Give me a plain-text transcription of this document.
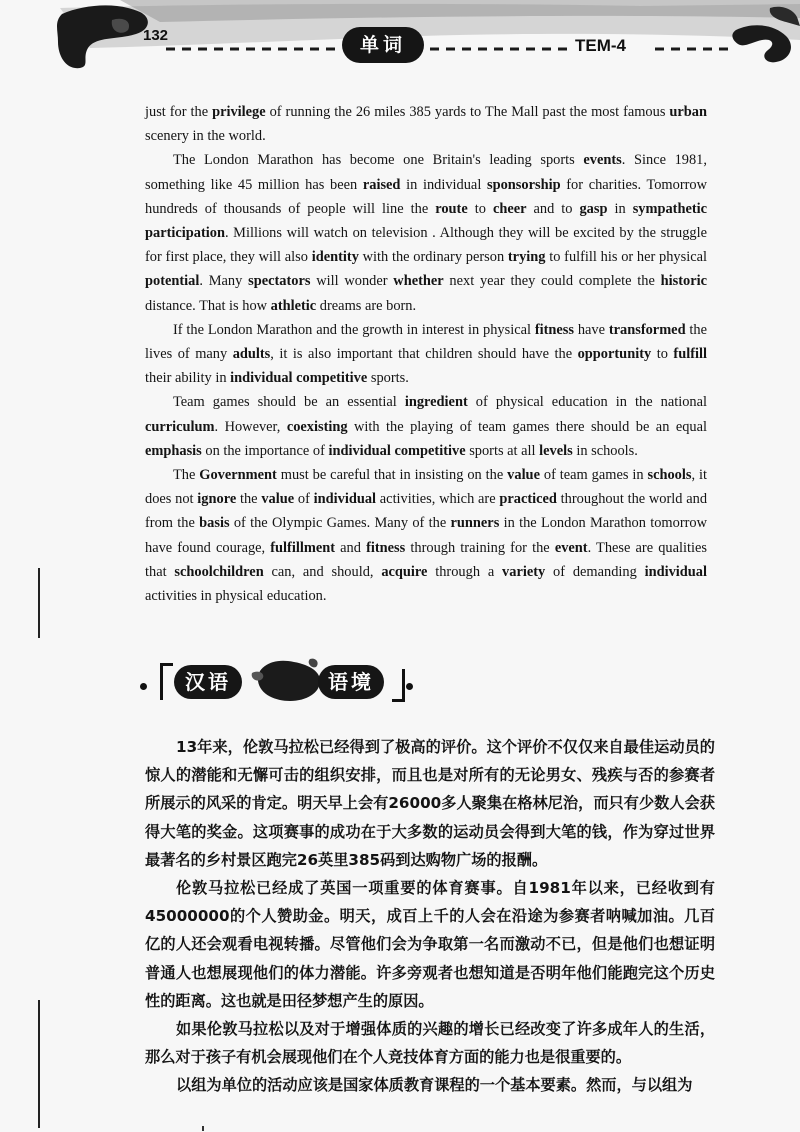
132	单词	TEM-4

just for the privilege of running the 26 miles 385 yards to The Mall past the most famous urban scenery in the world.

The London Marathon has become one Britain's leading sports events. Since 1981, something like 45 million has been raised in individual sponsorship for charities. Tomorrow hundreds of thousands of people will line the route to cheer and to gasp in sympathetic participation. Millions will watch on television . Although they will be excited by the struggle for first place, they will also identity with the ordinary person trying to fulfill his or her physical potential. Many spectators will wonder whether next year they could complete the historic distance. That is how athletic dreams are born.

If the London Marathon and the growth in interest in physical fitness have transformed the lives of many adults, it is also important that children should have the opportunity to fulfill their ability in individual competitive sports.

Team games should be an essential ingredient of physical education in the national curriculum. However, coexisting with the playing of team games there should be an equal emphasis on the importance of individual competitive sports at all levels in schools.

The Government must be careful that in insisting on the value of team games in schools, it does not ignore the value of individual activities, which are practiced throughout the world and from the basis of the Olympic Games. Many of the runners in the London Marathon tomorrow have found courage, fulfillment and fitness through training for the event. These are qualities that schoolchildren can, and should, acquire through a variety of demanding individual activities in physical education.

汉语	语境

13年来，伦敦马拉松已经得到了极高的评价。这个评价不仅仅来自最佳运动员的惊人的潜能和无懈可击的组织安排，而且也是对所有的无论男女、残疾与否的参赛者所展示的风采的肯定。明天早上会有26000多人聚集在格林尼治，而只有少数人会获得大笔的奖金。这项赛事的成功在于大多数的运动员会得到大笔的钱，作为穿过世界最著名的乡村景区跑完26英里385码到达购物广场的报酬。

伦敦马拉松已经成了英国一项重要的体育赛事。自1981年以来，已经收到有45000000的个人赞助金。明天，成百上千的人会在沿途为参赛者呐喊加油。几百亿的人还会观看电视转播。尽管他们会为争取第一名而激动不已，但是他们也想证明普通人也想展现他们的体力潜能。许多旁观者也想知道是否明年他们能跑完这个历史性的距离。这也就是田径梦想产生的原因。

如果伦敦马拉松以及对于增强体质的兴趣的增长已经改变了许多成年人的生活，那么对于孩子有机会展现他们在个人竞技体育方面的能力也是很重要的。

以组为单位的活动应该是国家体质教育课程的一个基本要素。然而，与以组为
